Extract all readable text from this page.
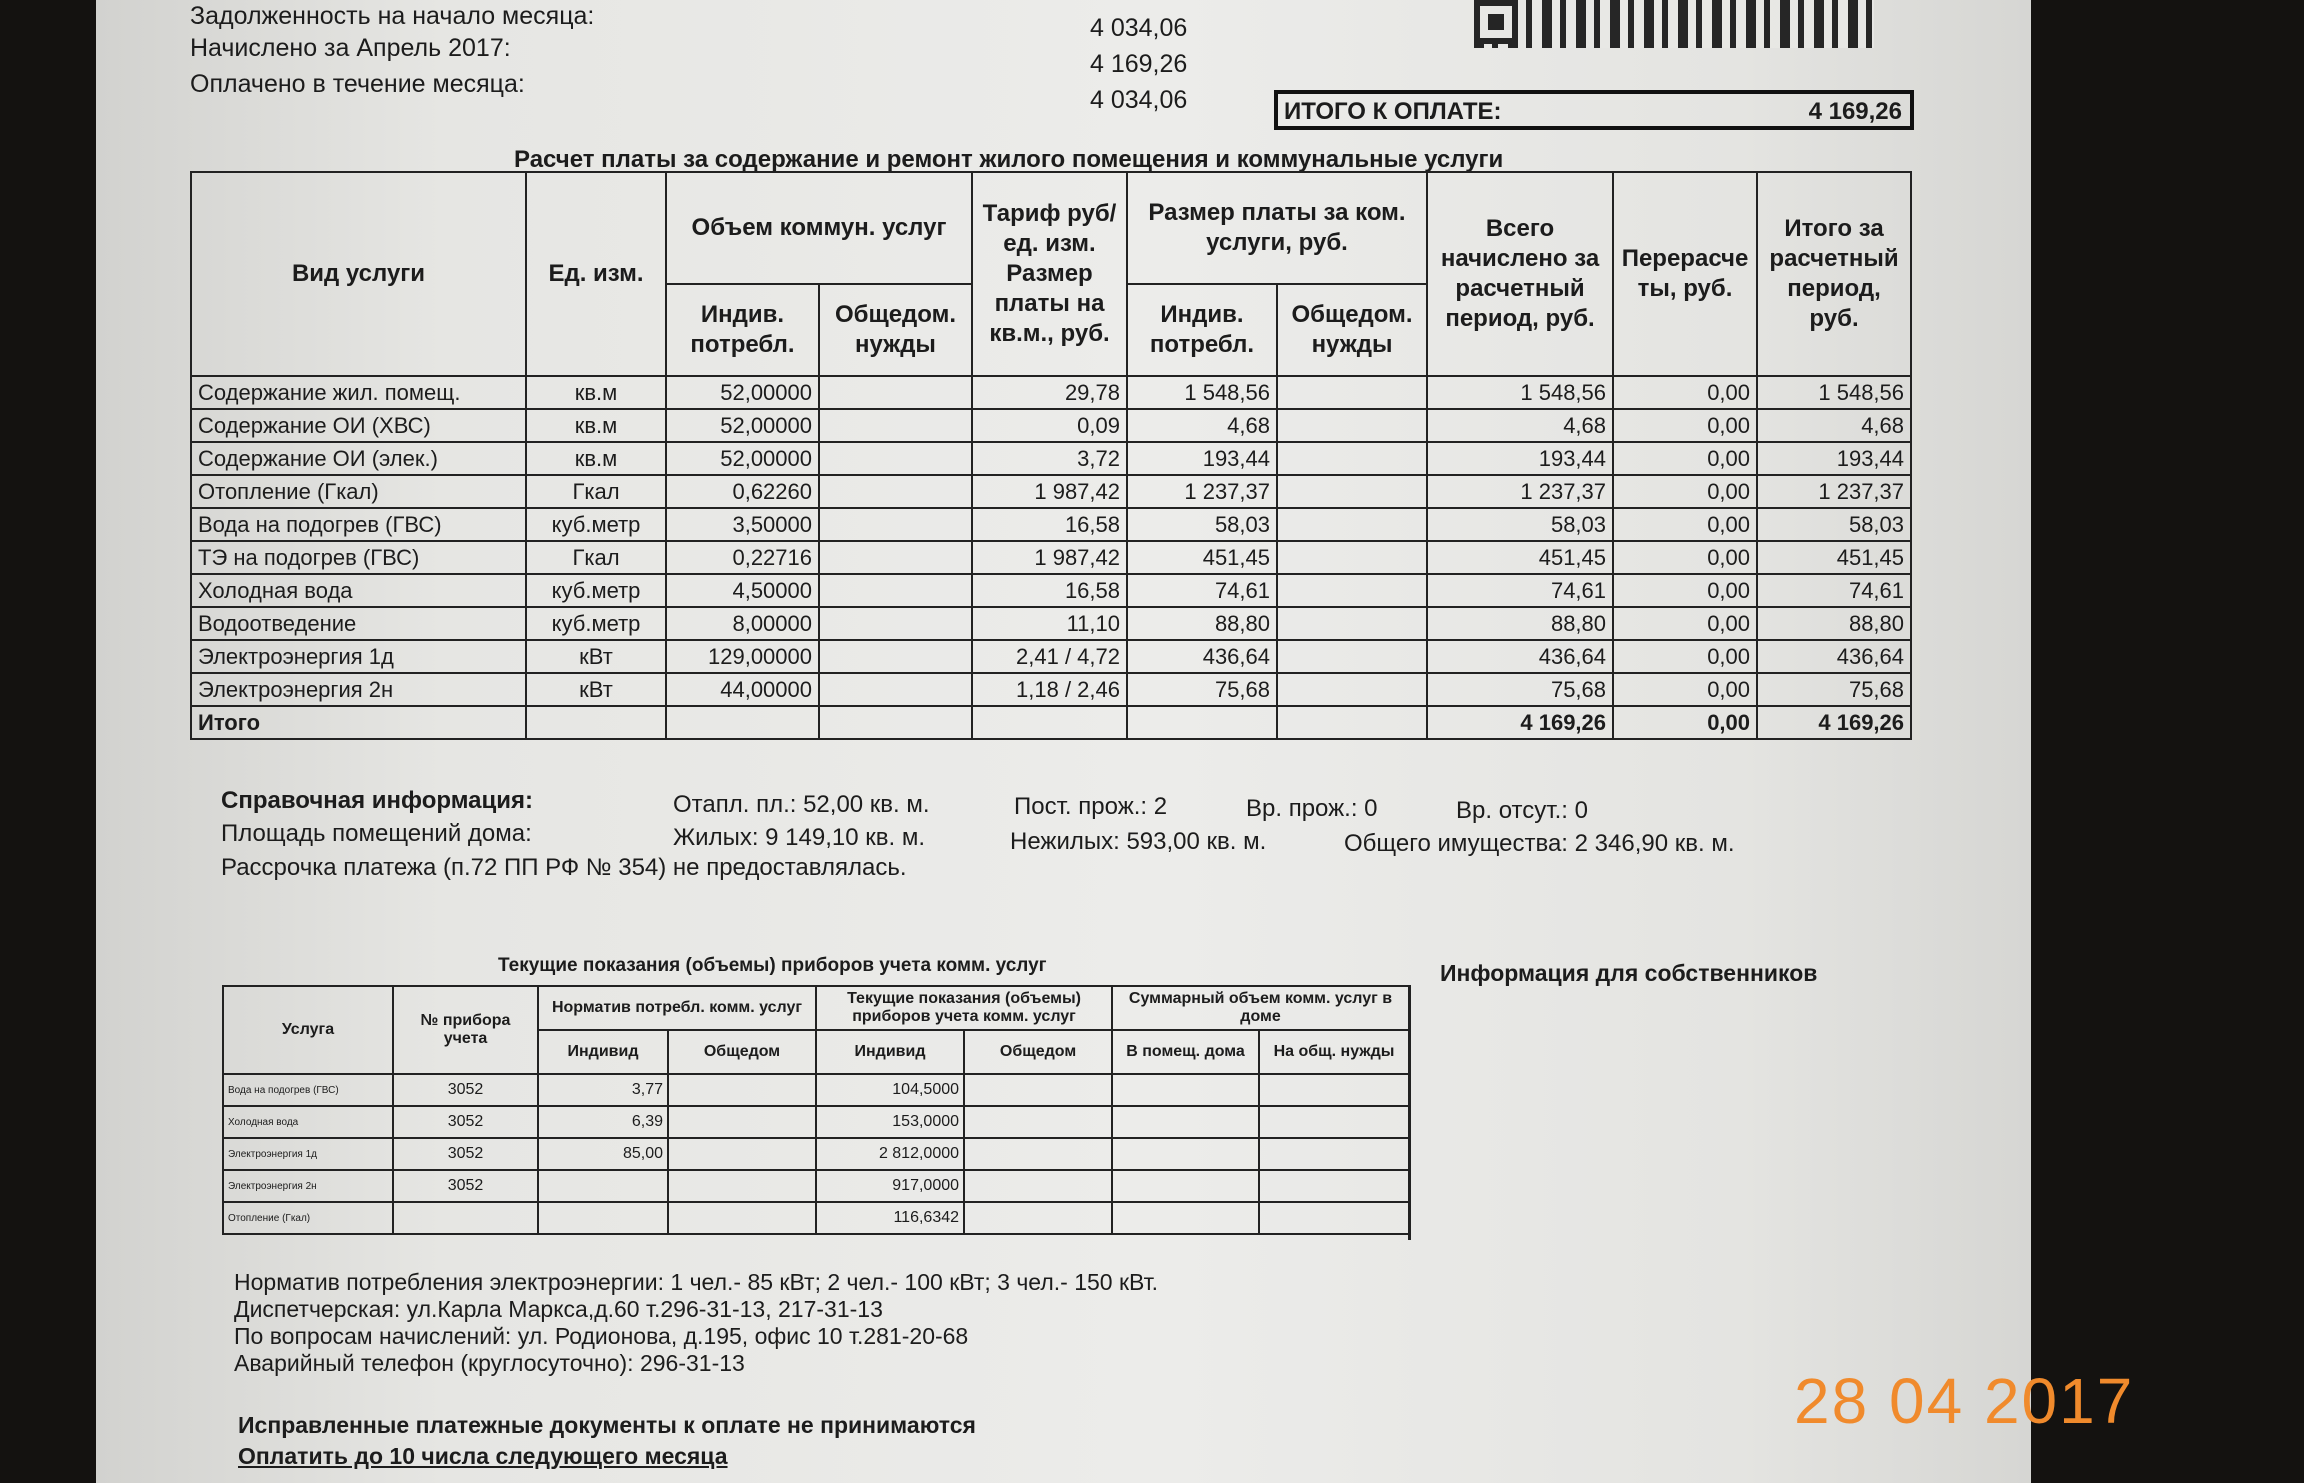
Задолженность на начало месяца:	4 034,06
Начислено за Апрель 2017:
4 169,26
Оплачено в течение месяца:
4 034,06	ИТОГО К ОПЛАТЕ:	4 169,26
Расчет платы за содержание и ремонт жилого помещения и коммунальные услуги
Вид услуги	Ед. изм.	Объем коммун. услуг		Тариф руб/ед. изм. Размер платы на кв.м., руб.	Размер платы за ком. услуги, руб.		Всего начислено за расчетный период, руб.	Перерасче ты, руб.	Итого за расчетный период, руб.
		Индив. потребл.	Общедом. нужды		Индив. потребл.	Общедом. нужды			
Содержание жил. помещ.	кв.м	52,00000		29,78	1 548,56		1 548,56	0,00	1 548,56
Содержание ОИ (ХВС)	кв.м	52,00000		0,09	4,68		4,68	0,00	4,68
Содержание ОИ (элек.)	кв.м	52,00000		3,72	193,44		193,44	0,00	193,44
Отопление (Гкал)	Гкал	0,62260		1 987,42	1 237,37		1 237,37	0,00	1 237,37
Вода на подогрев (ГВС)	куб.метр	3,50000		16,58	58,03		58,03	0,00	58,03
ТЭ на подогрев (ГВС)	Гкал	0,22716		1 987,42	451,45		451,45	0,00	451,45
Холодная вода	куб.метр	4,50000		16,58	74,61		74,61	0,00	74,61
Водоотведение	куб.метр	8,00000		11,10	88,80		88,80	0,00	88,80
Электроэнергия 1д	кВт	129,00000		2,41 / 4,72	436,64		436,64	0,00	436,64
Электроэнергия 2н	кВт	44,00000		1,18 / 2,46	75,68		75,68	0,00	75,68
Итого							4 169,26	0,00	4 169,26
Справочная информация:	Отапл. пл.: 52,00 кв. м.	Пост. прож.: 2	Вр. прож.: 0	Вр. отсут.: 0
Площадь помещений дома:	Жилых: 9 149,10 кв. м.	Нежилых: 593,00 кв. м.	Общего имущества: 2 346,90 кв. м.
Рассрочка платежа (п.72 ПП РФ № 354) не предоставлялась.
Текущие показания (объемы) приборов учета комм. услуг
Услуга	№ прибора учета	Норматив потребл. комм. услуг		Текущие показания (объемы) приборов учета комм. услуг		Суммарный объем комм. услуг в доме	
		Индивид	Общедом	Индивид	Общедом	В помещ. дома	На общ. нужды
Вода на подогрев (ГВС)	3052	3,77		104,5000			
Холодная вода	3052	6,39		153,0000			
Электроэнергия 1д	3052	85,00		2 812,0000			
Электроэнергия 2н	3052			917,0000			
Отопление (Гкал)				116,6342			
Информация для собственников
Норматив потребления электроэнергии: 1 чел.- 85 кВт; 2 чел.- 100 кВт; 3 чел.- 150 кВт.
Диспетчерская: ул.Карла Маркса,д.60 т.296-31-13, 217-31-13
По вопросам начислений: ул. Родионова, д.195, офис 10 т.281-20-68
Аварийный телефон (круглосуточно): 296-31-13
Исправленные платежные документы к оплате не принимаются
Оплатить до 10 числа следующего месяца
28 04 2017
